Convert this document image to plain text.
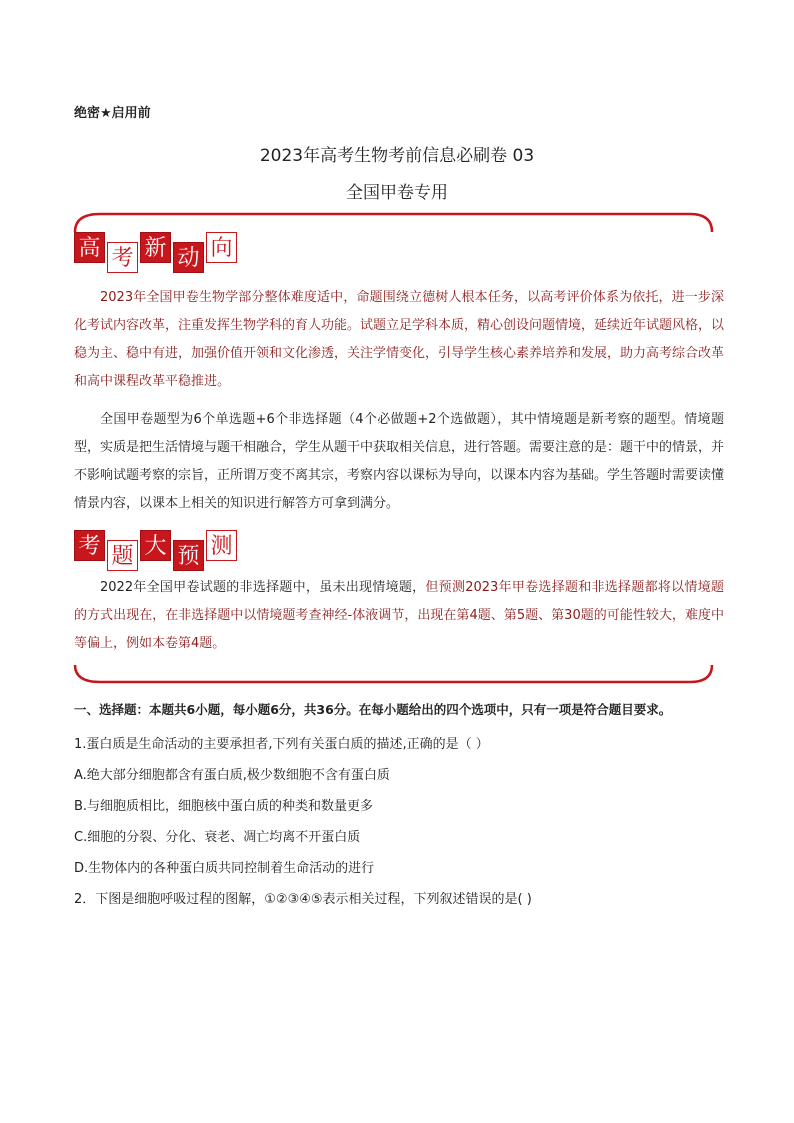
绝密★启用前
2023年高考生物考前信息必刷卷 03
全国甲卷专用
高 考 新 动 向
2023年全国甲卷生物学部分整体难度适中，命题围绕立德树人根本任务，以高考评价体系为依托，进一步深化考试内容改革，注重发挥生物学科的育人功能。试题立足学科本质，精心创设问题情境，延续近年试题风格，以稳为主、稳中有进，加强价值开领和文化渗透，关注学情变化，引导学生核心素养培养和发展，助力高考综合改革和高中课程改革平稳推进。
全国甲卷题型为6个单选题+6个非选择题（4个必做题+2个选做题），其中情境题是新考察的题型。情境题型，实质是把生活情境与题干相融合，学生从题干中获取相关信息，进行答题。需要注意的是：题干中的情景，并不影响试题考察的宗旨，正所谓万变不离其宗，考察内容以课标为导向，以课本内容为基础。学生答题时需要读懂情景内容，以课本上相关的知识进行解答方可拿到满分。
考 题 大 预 测
2022年全国甲卷试题的非选择题中，虽未出现情境题，但预测2023年甲卷选择题和非选择题都将以情境题的方式出现在，在非选择题中以情境题考查神经-体液调节，出现在第4题、第5题、第30题的可能性较大，难度中等偏上，例如本卷第4题。
一、选择题：本题共6小题，每小题6分，共36分。在每小题给出的四个选项中，只有一项是符合题目要求。
1.蛋白质是生命活动的主要承担者,下列有关蛋白质的描述,正确的是（ ）
A.绝大部分细胞都含有蛋白质,极少数细胞不含有蛋白质
B.与细胞质相比，细胞核中蛋白质的种类和数量更多
C.细胞的分裂、分化、衰老、凋亡均离不开蛋白质
D.生物体内的各种蛋白质共同控制着生命活动的进行
2．下图是细胞呼吸过程的图解，①②③④⑤表示相关过程，下列叙述错误的是( )
